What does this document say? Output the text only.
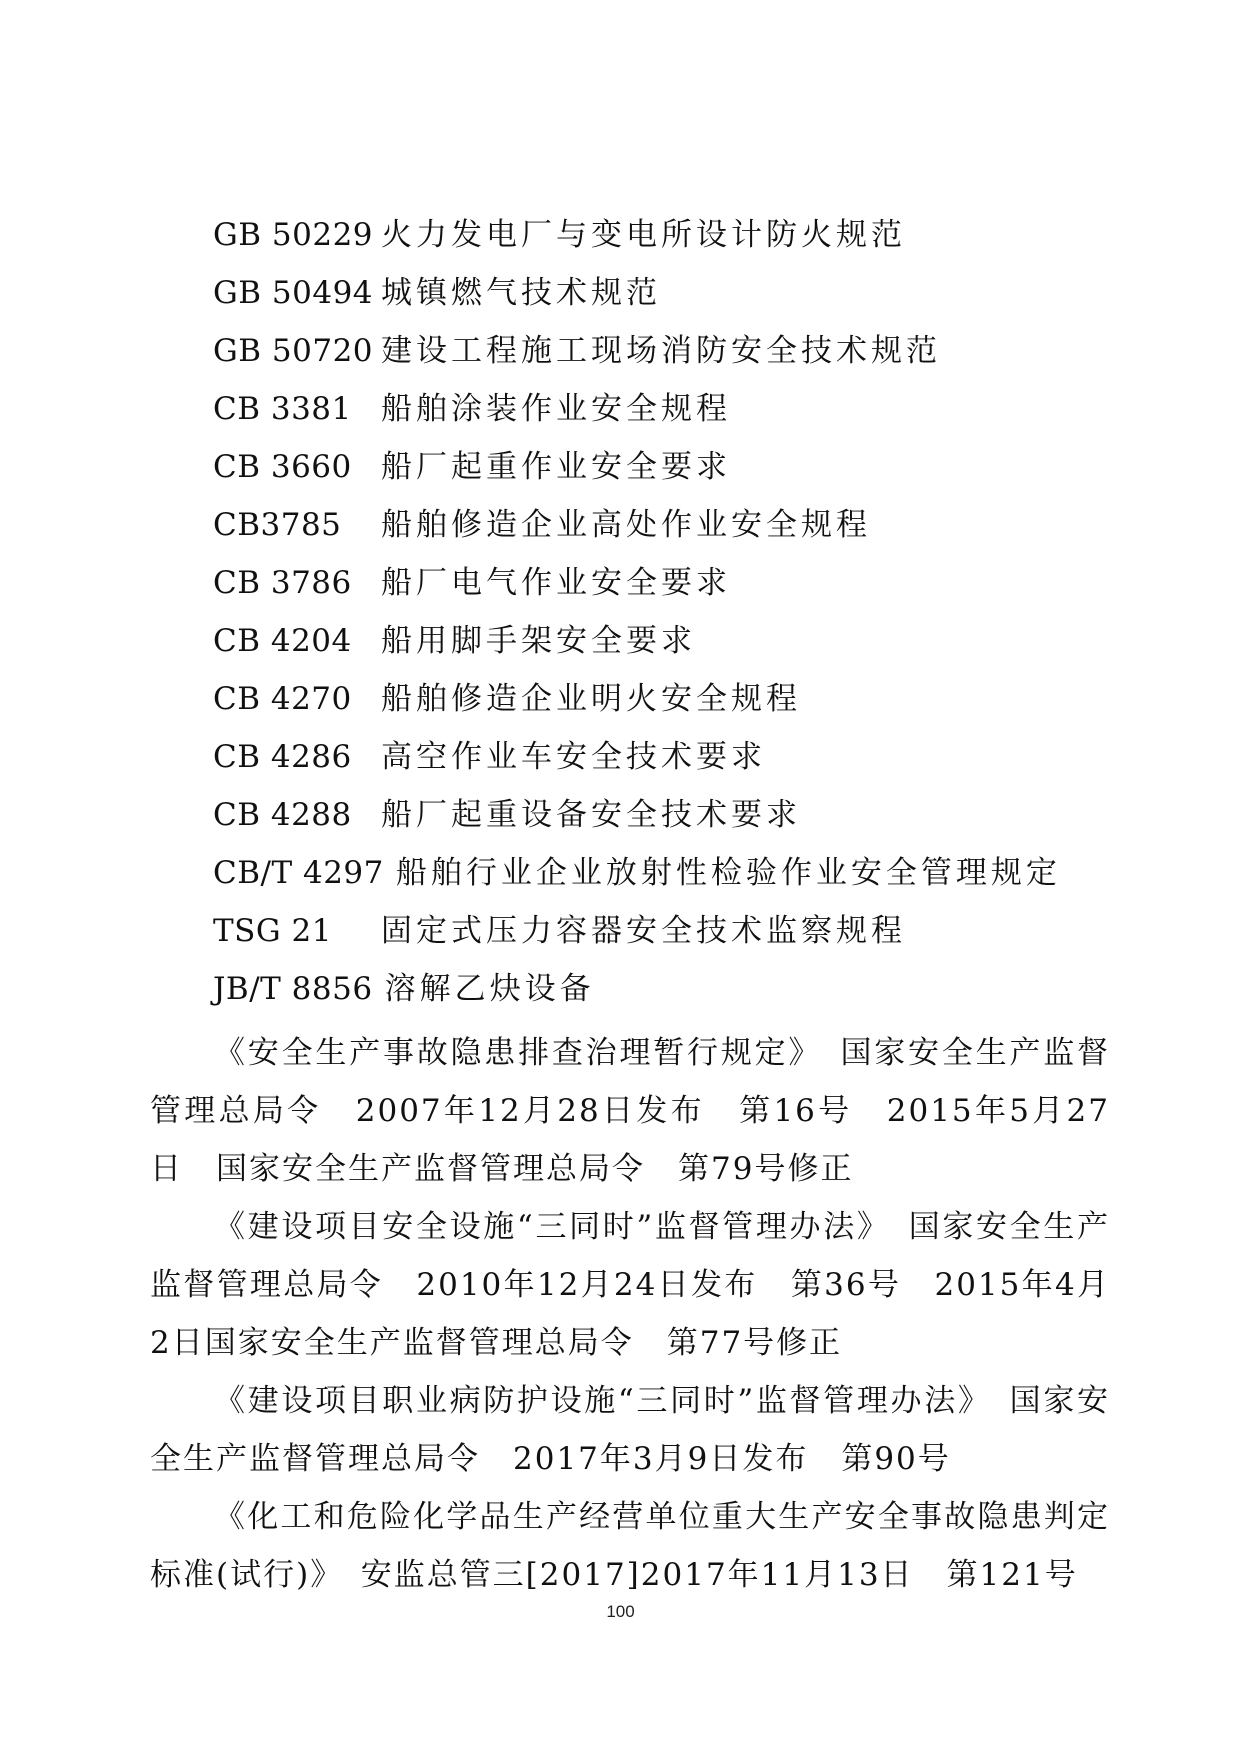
GB 50229 火力发电厂与变电所设计防火规范
GB 50494 城镇燃气技术规范
GB 50720 建设工程施工现场消防安全技术规范
CB 3381 船舶涂装作业安全规程
CB 3660 船厂起重作业安全要求
CB3785 船舶修造企业高处作业安全规程
CB 3786 船厂电气作业安全要求
CB 4204 船用脚手架安全要求
CB 4270 船舶修造企业明火安全规程
CB 4286 高空作业车安全技术要求
CB 4288 船厂起重设备安全技术要求
CB/T 4297 船舶行业企业放射性检验作业安全管理规定
TSG 21 固定式压力容器安全技术监察规程
JB/T 8856 溶解乙炔设备

《安全生产事故隐患排查治理暂行规定》　国家安全生产监督管理总局令　2007年12月28日发布　第16号　2015年5月27日　国家安全生产监督管理总局令　第79号修正

《建设项目安全设施“三同时”监督管理办法》　国家安全生产监督管理总局令　2010年12月24日发布　第36号　2015年4月2日国家安全生产监督管理总局令　第77号修正

《建设项目职业病防护设施“三同时”监督管理办法》　国家安全生产监督管理总局令　2017年3月9日发布　第90号

《化工和危险化学品生产经营单位重大生产安全事故隐患判定标准(试行)》　安监总管三[2017]2017年11月13日　第121号

100
